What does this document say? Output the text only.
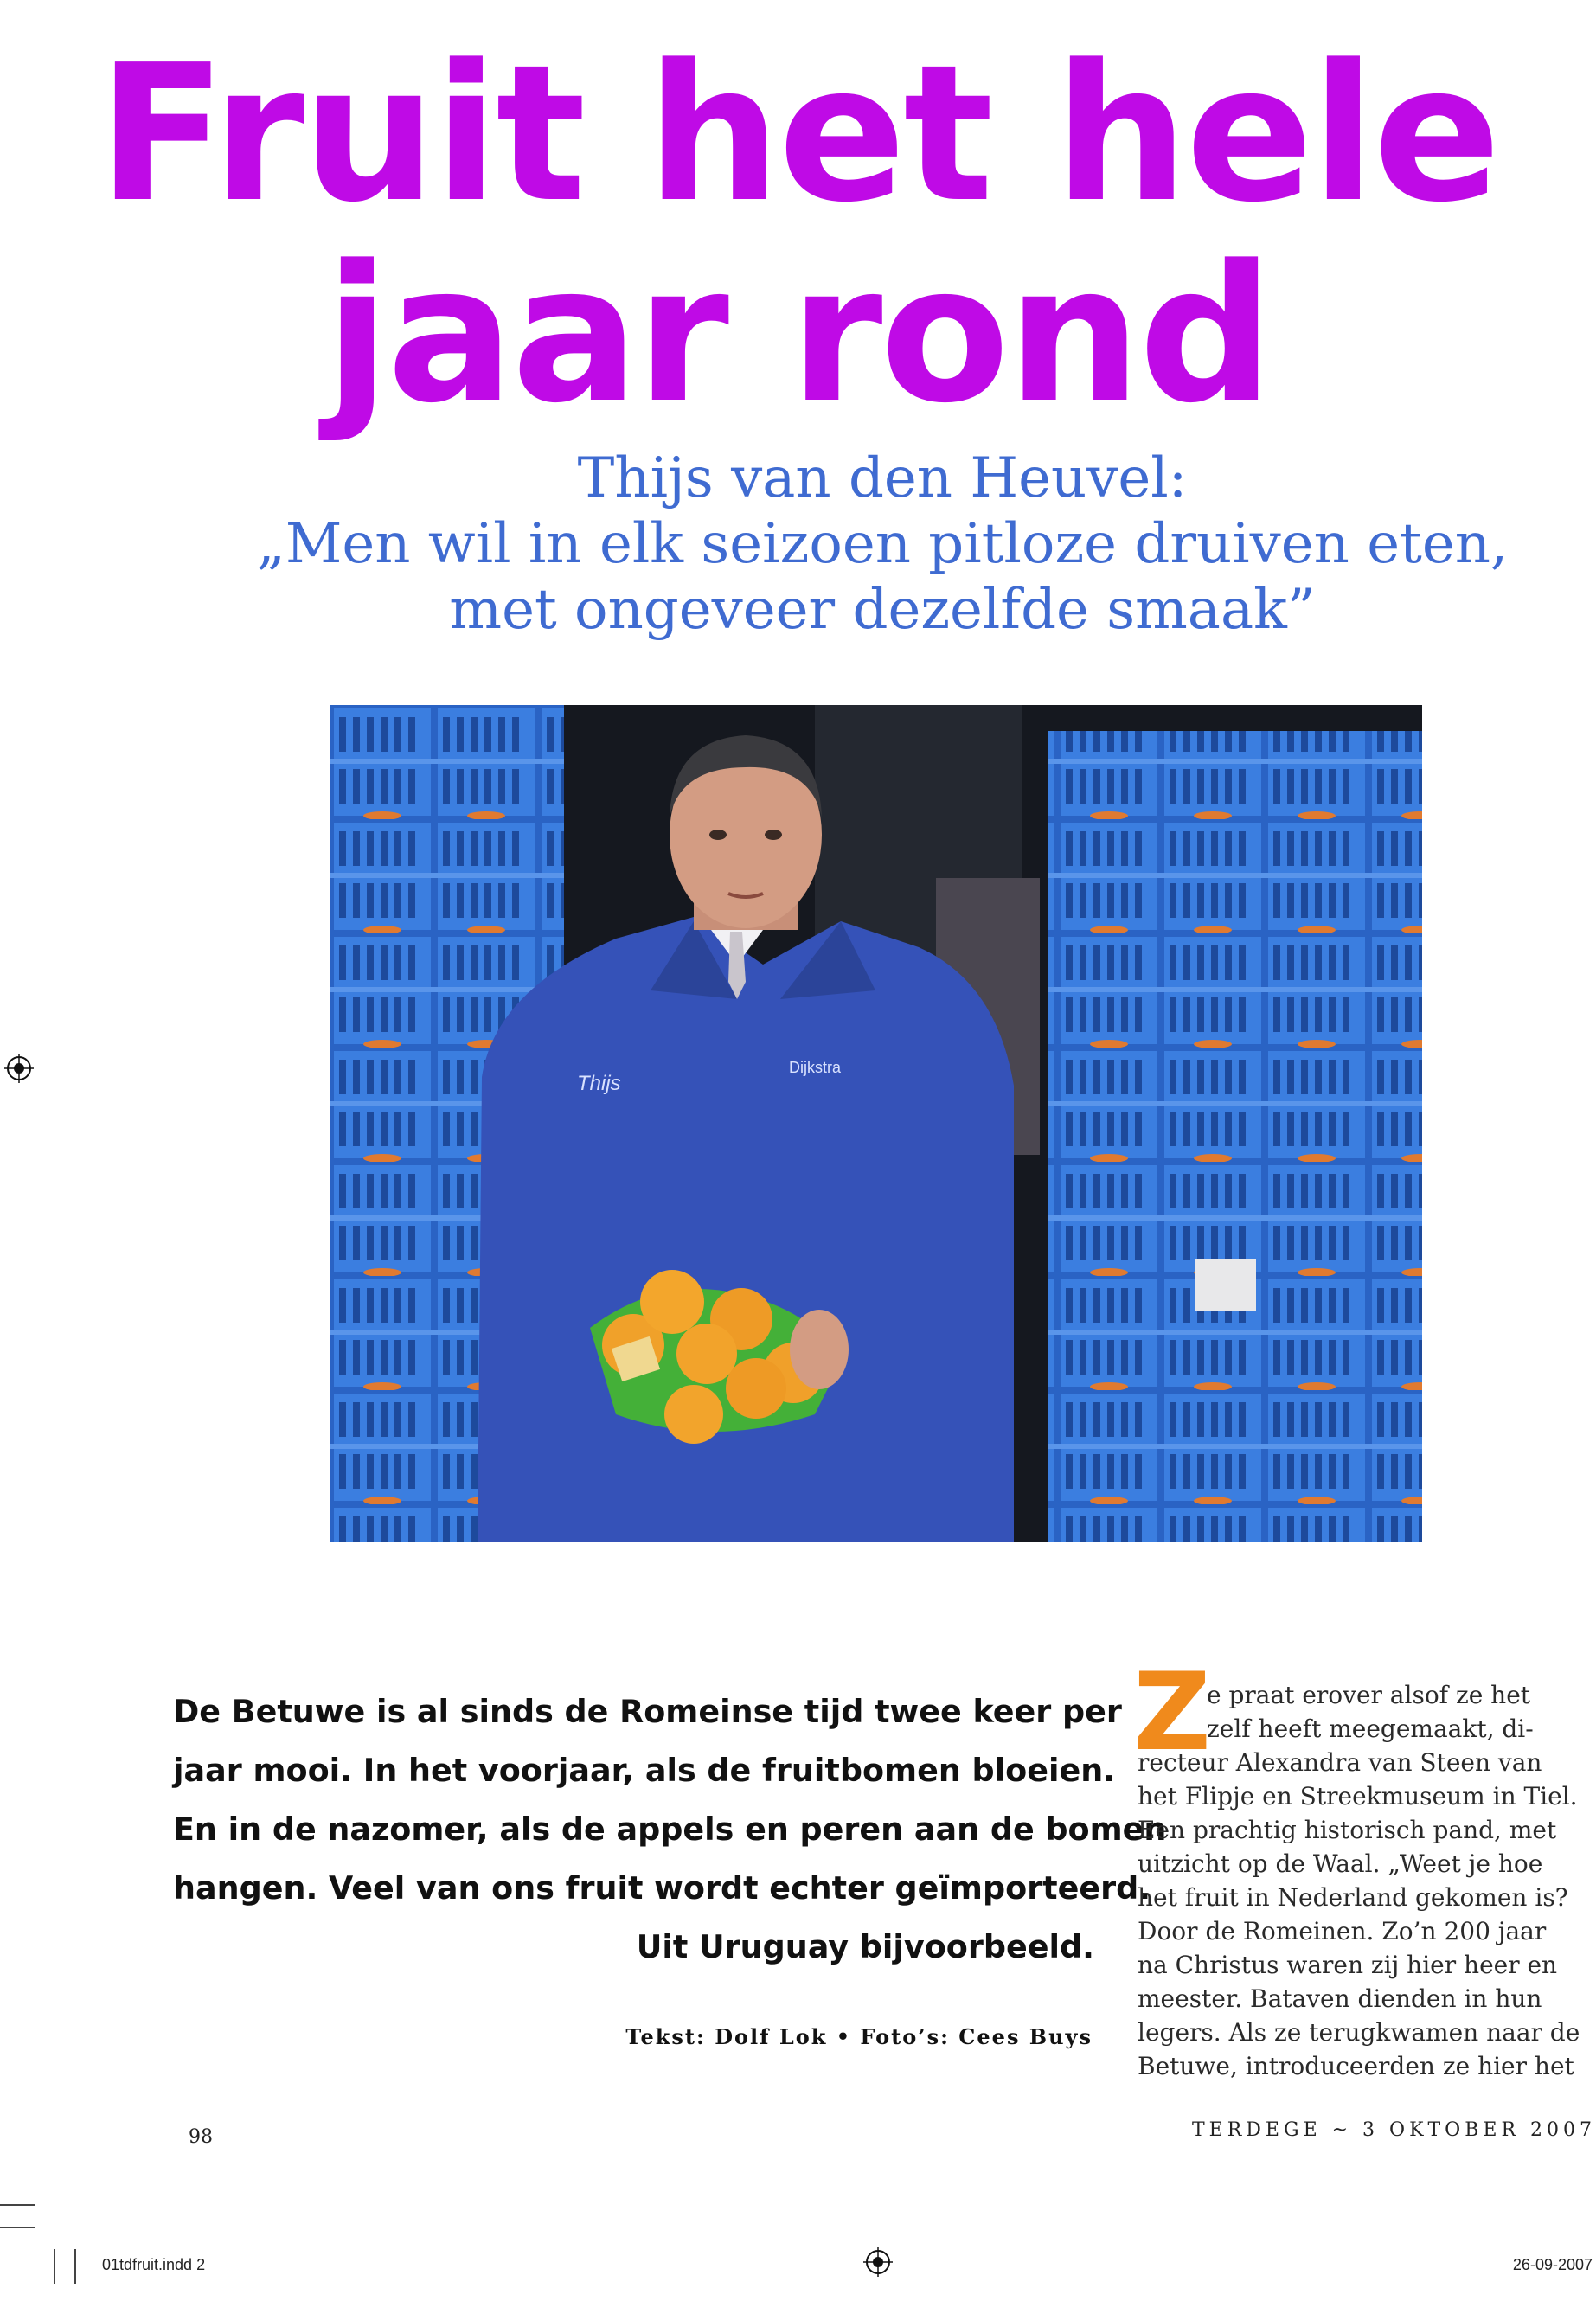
Fruit het hele
jaar rond
Thijs van den Heuvel:
„Men wil in elk seizoen pitloze druiven eten,
met ongeveer dezelfde smaak”
Thijs
Dijkstra
De Betuwe is al sinds de Romeinse tijd twee keer per
jaar mooi. In het voorjaar, als de fruitbomen bloeien.
En in de nazomer, als de appels en peren aan de bomen
hangen. Veel van ons fruit wordt echter geïmporteerd.
Uit Uruguay bijvoorbeeld.
Tekst: Dolf Lok • Foto’s: Cees Buys
Z
e praat erover alsof ze het
zelf heeft meegemaakt, di-
recteur Alexandra van Steen van
het Flipje en Streekmuseum in Tiel.
Een prachtig historisch pand, met
uitzicht op de Waal. „Weet je hoe
het fruit in Nederland gekomen is?
Door de Romeinen. Zo’n 200 jaar
na Christus waren zij hier heer en
meester. Bataven dienden in hun
legers. Als ze terugkwamen naar de
Betuwe, introduceerden ze hier het
98	TERDEGE ~ 3 OKTOBER 2007
01tdfruit.indd 2	26-09-2007
